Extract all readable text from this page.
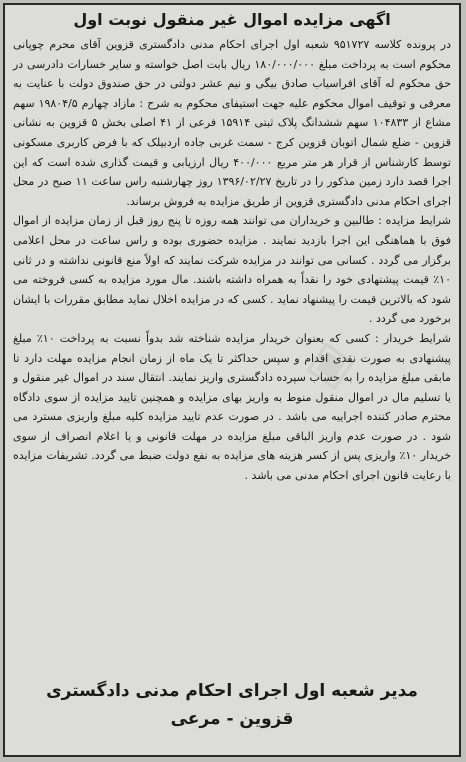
◈
اگهی مزایده اموال غیر منقول نوبت اول

در پرونده کلاسه ۹۵۱۷۲۷ شعبه اول اجرای احکام مدنی دادگستری قزوین آقای محرم چوپانی محکوم است به پرداخت مبلغ ۱۸۰/۰۰۰/۰۰۰ ریال بابت اصل خواسته و سایر خسارات دادرسی در حق محکوم له آقای افراسیاب صادق بیگی و نیم عشر دولتی در حق صندوق دولت با عنایت به معرفی و توقیف اموال محکوم علیه جهت استیفای محکوم به شرح : مازاد چهارم ۱۹۸۰۴/۵ سهم مشاع از ۱۰۴۸۳۳ سهم ششدانگ پلاک ثبتی ۱۵۹۱۴ فرعی از ۴۱ اصلی بخش ۵ قزوین به نشانی قزوین - ضلع شمال اتوبان قزوین کرج - سمت غربی جاده اردبیلک که با فرض کاربری مسکونی توسط کارشناس از قرار هر متر مربع ۴۰۰/۰۰۰ ریال ارزیابی و قیمت گذاری شده است که این اجرا قصد دارد زمین مذکور را در تاریخ ۱۳۹۶/۰۲/۲۷ روز چهارشنبه راس ساعت ۱۱ صبح در محل اجرای احکام مدنی دادگستری قزوین از طریق مزایده به فروش برساند.

شرایط مزایده : طالبین و خریداران می توانند همه روزه تا پنج روز قبل از زمان مزایده از اموال فوق با هماهنگی این اجرا بازدید نمایند . مزایده حضوری بوده و راس ساعت در محل اعلامی برگزار می گردد . کسانی می توانند در مزایده شرکت نمایند که اولاً منع قانونی نداشته و در ثانی ۱۰٪ قیمت پیشنهادی خود را نقداً به همراه داشته باشند. مال مورد مزایده به کسی فروخته می شود که بالاترین قیمت را پیشنهاد نماید . کسی که در مزایده اخلال نماید مطابق مقررات با ایشان برخورد می گردد .

شرایط خریدار : کسی که بعنوان خریدار مزایده شناخته شد بدواً نسبت به پرداخت ۱۰٪ مبلغ پیشنهادی به صورت نقدی اقدام و سپس حداکثر تا یک ماه از زمان انجام مزایده مهلت دارد تا مابقی مبلغ مزایده را به حساب سپرده دادگستری واریز نمایند. انتقال سند در اموال غیر منقول و یا تسلیم مال در اموال منقول منوط به واریز بهای مزایده و همچنین تایید مزایده از سوی دادگاه محترم صادر کننده اجراییه می باشد . در صورت عدم تایید مزایده کلیه مبلغ واریزی مسترد می شود . در صورت عدم واریز الباقی مبلغ مزایده در مهلت قانونی و یا اعلام انصراف از سوی خریدار ۱۰٪ واریزی پس از کسر هزینه های مزایده به نفع دولت ضبط می گردد. تشریفات مزایده با رعایت قانون اجرای احکام مدنی می باشد .

مدیر شعبه اول اجرای احکام مدنی دادگستری
قزوین - مرعی
